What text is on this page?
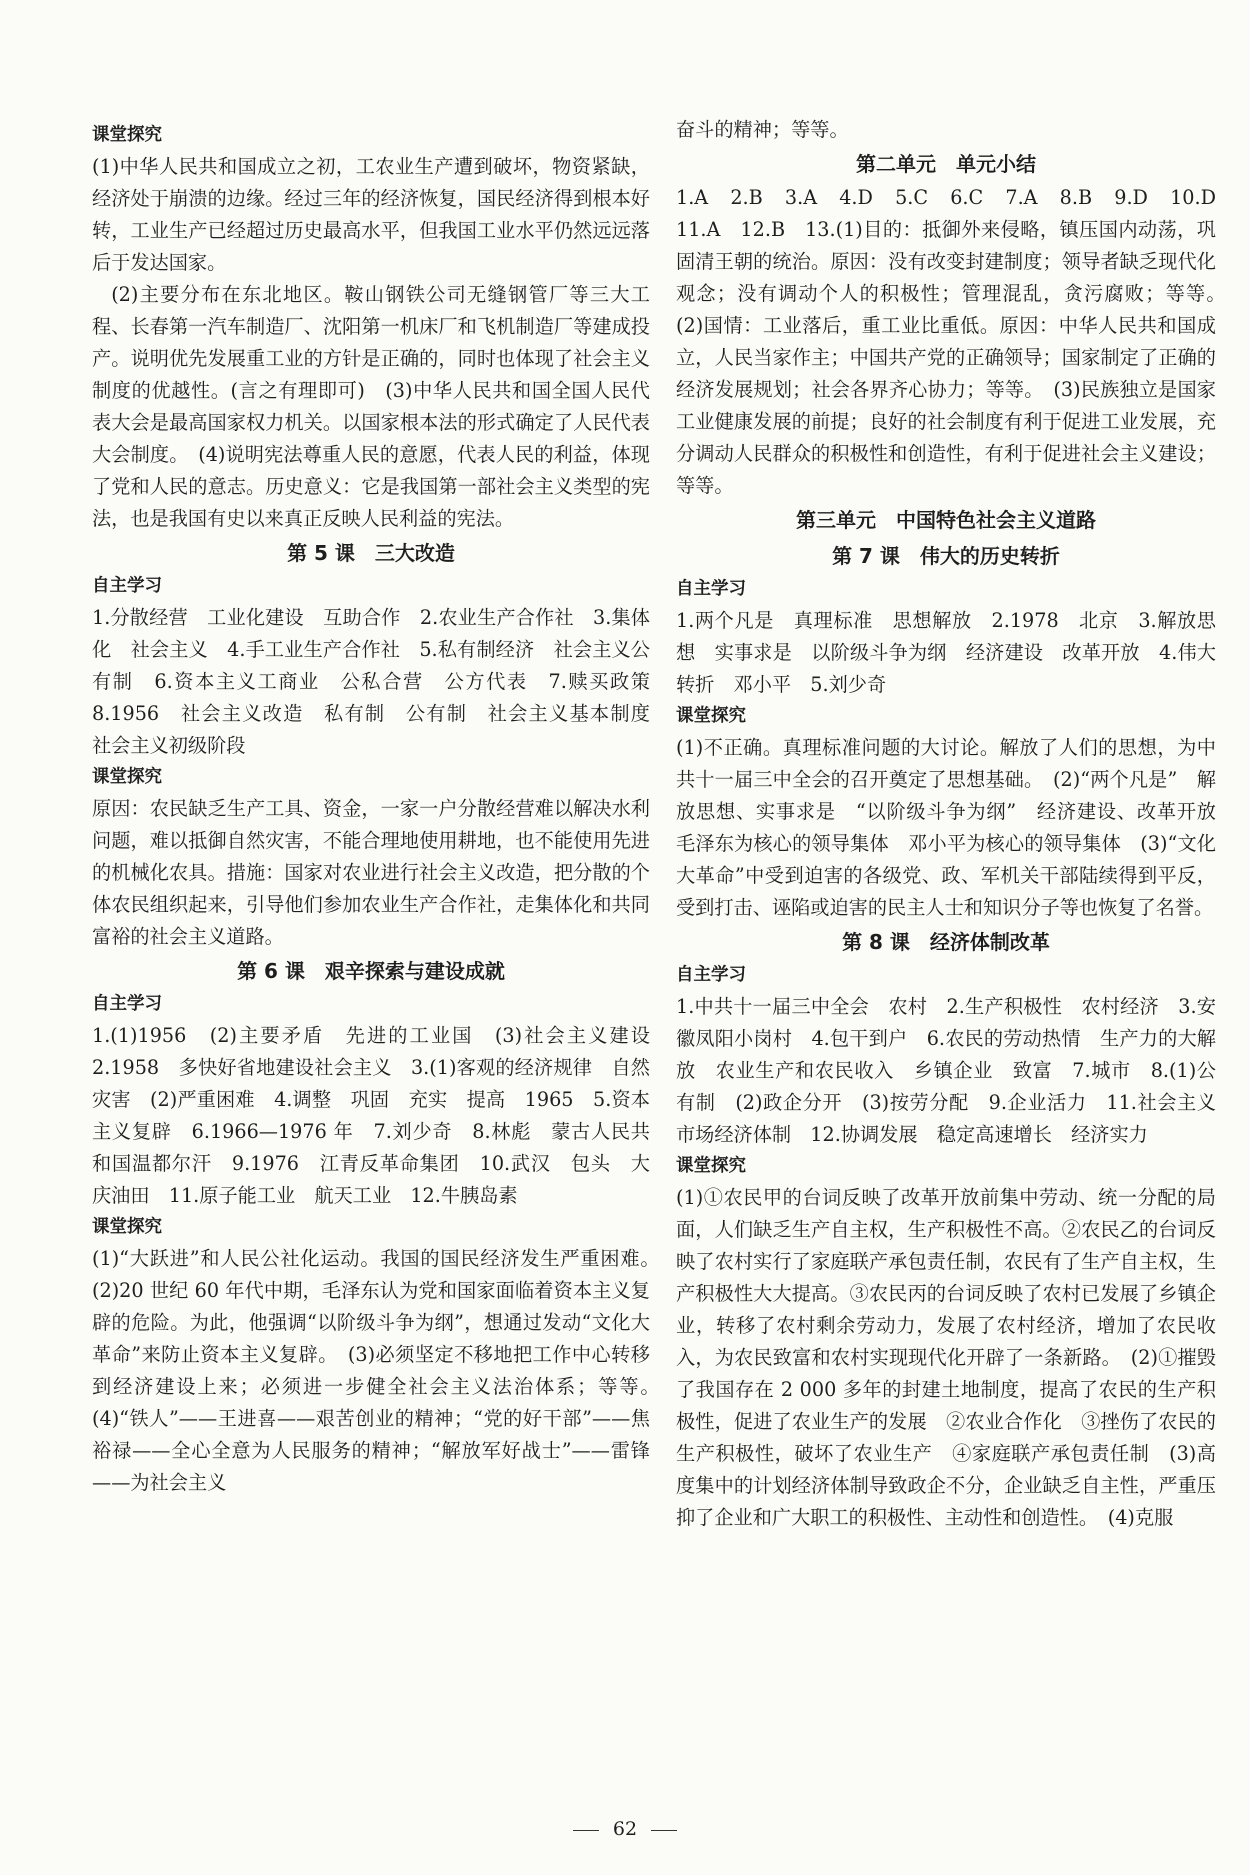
课堂探究

(1)中华人民共和国成立之初，工农业生产遭到破坏，物资紧缺，经济处于崩溃的边缘。经过三年的经济恢复，国民经济得到根本好转，工业生产已经超过历史最高水平，但我国工业水平仍然远远落后于发达国家。

(2)主要分布在东北地区。鞍山钢铁公司无缝钢管厂等三大工程、长春第一汽车制造厂、沈阳第一机床厂和飞机制造厂等建成投产。说明优先发展重工业的方针是正确的，同时也体现了社会主义制度的优越性。(言之有理即可)　(3)中华人民共和国全国人民代表大会是最高国家权力机关。以国家根本法的形式确定了人民代表大会制度。　(4)说明宪法尊重人民的意愿，代表人民的利益，体现了党和人民的意志。历史意义：它是我国第一部社会主义类型的宪法，也是我国有史以来真正反映人民利益的宪法。

第 5 课　三大改造
自主学习

1.分散经营　工业化建设　互助合作　2.农业生产合作社　3.集体化　社会主义　4.手工业生产合作社　5.私有制经济　社会主义公有制　6.资本主义工商业　公私合营　公方代表　7.赎买政策　8.1956　社会主义改造　私有制　公有制　社会主义基本制度　社会主义初级阶段

课堂探究

原因：农民缺乏生产工具、资金，一家一户分散经营难以解决水利问题，难以抵御自然灾害，不能合理地使用耕地，也不能使用先进的机械化农具。措施：国家对农业进行社会主义改造，把分散的个体农民组织起来，引导他们参加农业生产合作社，走集体化和共同富裕的社会主义道路。

第 6 课　艰辛探索与建设成就
自主学习

1.(1)1956　(2)主要矛盾　先进的工业国　(3)社会主义建设　2.1958　多快好省地建设社会主义　3.(1)客观的经济规律　自然灾害　(2)严重困难　4.调整　巩固　充实　提高　1965　5.资本主义复辟　6.1966—1976 年　7.刘少奇　8.林彪　蒙古人民共和国温都尔汗　9.1976　江青反革命集团　10.武汉　包头　大庆油田　11.原子能工业　航天工业　12.牛胰岛素

课堂探究

(1)“大跃进”和人民公社化运动。我国的国民经济发生严重困难。　(2)20 世纪 60 年代中期，毛泽东认为党和国家面临着资本主义复辟的危险。为此，他强调“以阶级斗争为纲”，想通过发动“文化大革命”来防止资本主义复辟。　(3)必须坚定不移地把工作中心转移到经济建设上来；必须进一步健全社会主义法治体系；等等。　(4)“铁人”——王进喜——艰苦创业的精神；“党的好干部”——焦裕禄——全心全意为人民服务的精神；“解放军好战士”——雷锋——为社会主义

奋斗的精神；等等。

第二单元　单元小结

1.A　2.B　3.A　4.D　5.C　6.C　7.A　8.B　9.D　10.D　11.A　12.B　13.(1)目的：抵御外来侵略，镇压国内动荡，巩固清王朝的统治。原因：没有改变封建制度；领导者缺乏现代化观念；没有调动个人的积极性；管理混乱，贪污腐败；等等。　(2)国情：工业落后，重工业比重低。原因：中华人民共和国成立，人民当家作主；中国共产党的正确领导；国家制定了正确的经济发展规划；社会各界齐心协力；等等。　(3)民族独立是国家工业健康发展的前提；良好的社会制度有利于促进工业发展，充分调动人民群众的积极性和创造性，有利于促进社会主义建设；等等。

第三单元　中国特色社会主义道路
第 7 课　伟大的历史转折
自主学习

1.两个凡是　真理标准　思想解放　2.1978　北京　3.解放思想　实事求是　以阶级斗争为纲　经济建设　改革开放　4.伟大转折　邓小平　5.刘少奇

课堂探究

(1)不正确。真理标准问题的大讨论。解放了人们的思想，为中共十一届三中全会的召开奠定了思想基础。　(2)“两个凡是”　解放思想、实事求是　“以阶级斗争为纲”　经济建设、改革开放　毛泽东为核心的领导集体　邓小平为核心的领导集体　(3)“文化大革命”中受到迫害的各级党、政、军机关干部陆续得到平反，受到打击、诬陷或迫害的民主人士和知识分子等也恢复了名誉。

第 8 课　经济体制改革
自主学习

1.中共十一届三中全会　农村　2.生产积极性　农村经济　3.安徽凤阳小岗村　4.包干到户　6.农民的劳动热情　生产力的大解放　农业生产和农民收入　乡镇企业　致富　7.城市　8.(1)公有制　(2)政企分开　(3)按劳分配　9.企业活力　11.社会主义市场经济体制　12.协调发展　稳定高速增长　经济实力

课堂探究

(1)①农民甲的台词反映了改革开放前集中劳动、统一分配的局面，人们缺乏生产自主权，生产积极性不高。②农民乙的台词反映了农村实行了家庭联产承包责任制，农民有了生产自主权，生产积极性大大提高。③农民丙的台词反映了农村已发展了乡镇企业，转移了农村剩余劳动力，发展了农村经济，增加了农民收入，为农民致富和农村实现现代化开辟了一条新路。　(2)①摧毁了我国存在 2 000 多年的封建土地制度，提高了农民的生产积极性，促进了农业生产的发展　②农业合作化　③挫伤了农民的生产积极性，破坏了农业生产　④家庭联产承包责任制　(3)高度集中的计划经济体制导致政企不分，企业缺乏自主性，严重压抑了企业和广大职工的积极性、主动性和创造性。　(4)克服

62
